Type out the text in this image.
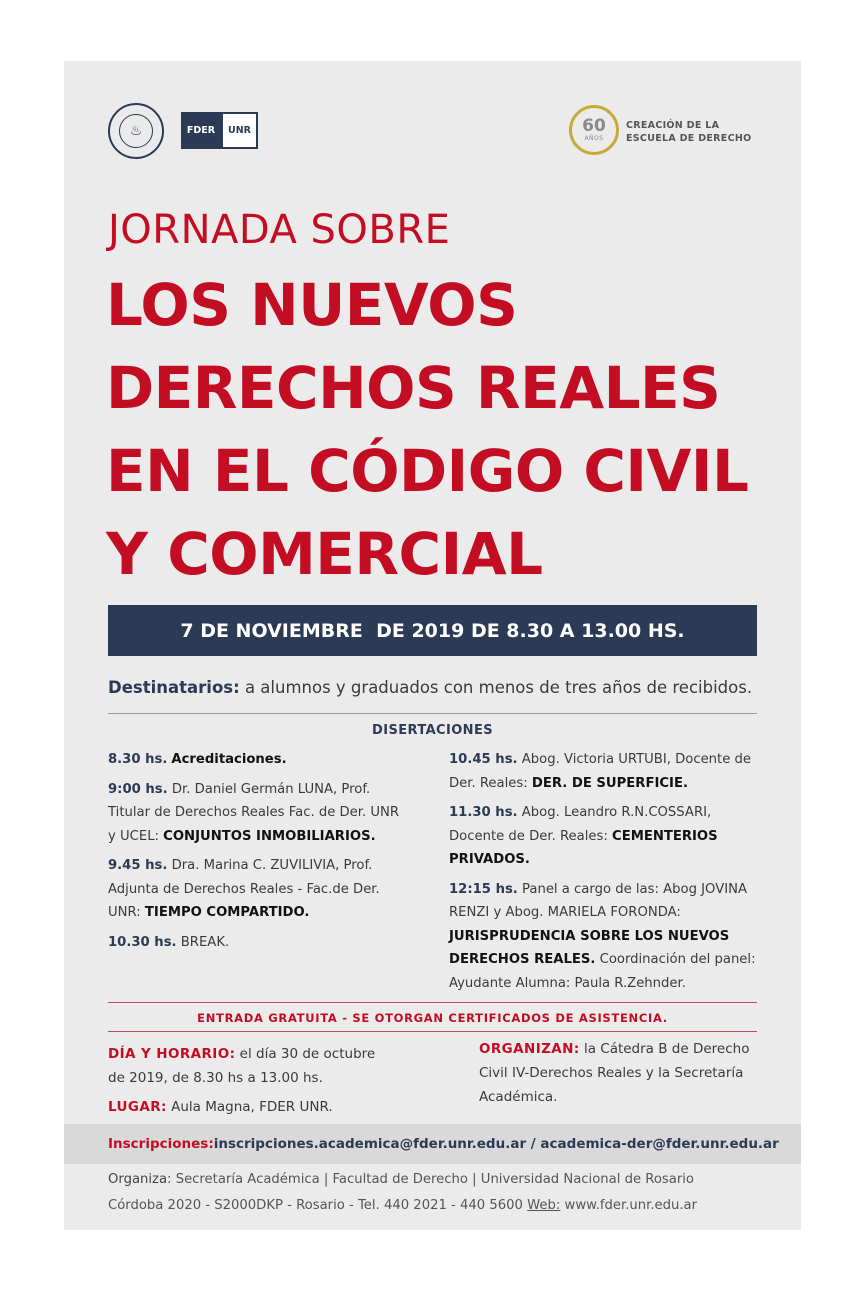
♨	FDER	UNR	60
AÑOS
CREACIÓN DE LA
ESCUELA DE DERECHO
JORNADA SOBRE
LOS NUEVOS
DERECHOS REALES
EN EL CÓDIGO CIVIL
Y COMERCIAL
7 DE NOVIEMBRE  DE 2019 DE 8.30 A 13.00 HS.
Destinatarios: a alumnos y graduados con menos de tres años de recibidos.
DISERTACIONES

8.30 hs. Acreditaciones.

9:00 hs. Dr. Daniel Germán LUNA, Prof. Titular de Derechos Reales Fac. de Der. UNR y UCEL: CONJUNTOS INMOBILIARIOS.

9.45 hs. Dra. Marina C. ZUVILIVIA, Prof. Adjunta de Derechos Reales - Fac.de Der. UNR: TIEMPO COMPARTIDO.

10.30 hs. BREAK.

10.45 hs. Abog. Victoria URTUBI, Docente de Der. Reales: DER. DE SUPERFICIE.

11.30 hs. Abog. Leandro R.N.COSSARI, Docente de Der. Reales: CEMENTERIOS PRIVADOS.

12:15 hs. Panel a cargo de las: Abog JOVINA RENZI y Abog. MARIELA FORONDA: JURISPRUDENCIA SOBRE LOS NUEVOS DERECHOS REALES. Coordinación del panel: Ayudante Alumna: Paula R.Zehnder.

ENTRADA GRATUITA - SE OTORGAN CERTIFICADOS DE ASISTENCIA.
DÍA Y HORARIO: el día 30 de octubre
de 2019, de 8.30 hs a 13.00 hs.
LUGAR: Aula Magna, FDER UNR.
ORGANIZAN: la Cátedra B de Derecho
Civil IV-Derechos Reales y la Secretaría
Académica.
Inscripciones: inscripciones.academica@fder.unr.edu.ar / academica-der@fder.unr.edu.ar
Organiza: Secretaría Académica | Facultad de Derecho | Universidad Nacional de Rosario
Córdoba 2020 - S2000DKP - Rosario - Tel. 440 2021 - 440 5600 Web: www.fder.unr.edu.ar
